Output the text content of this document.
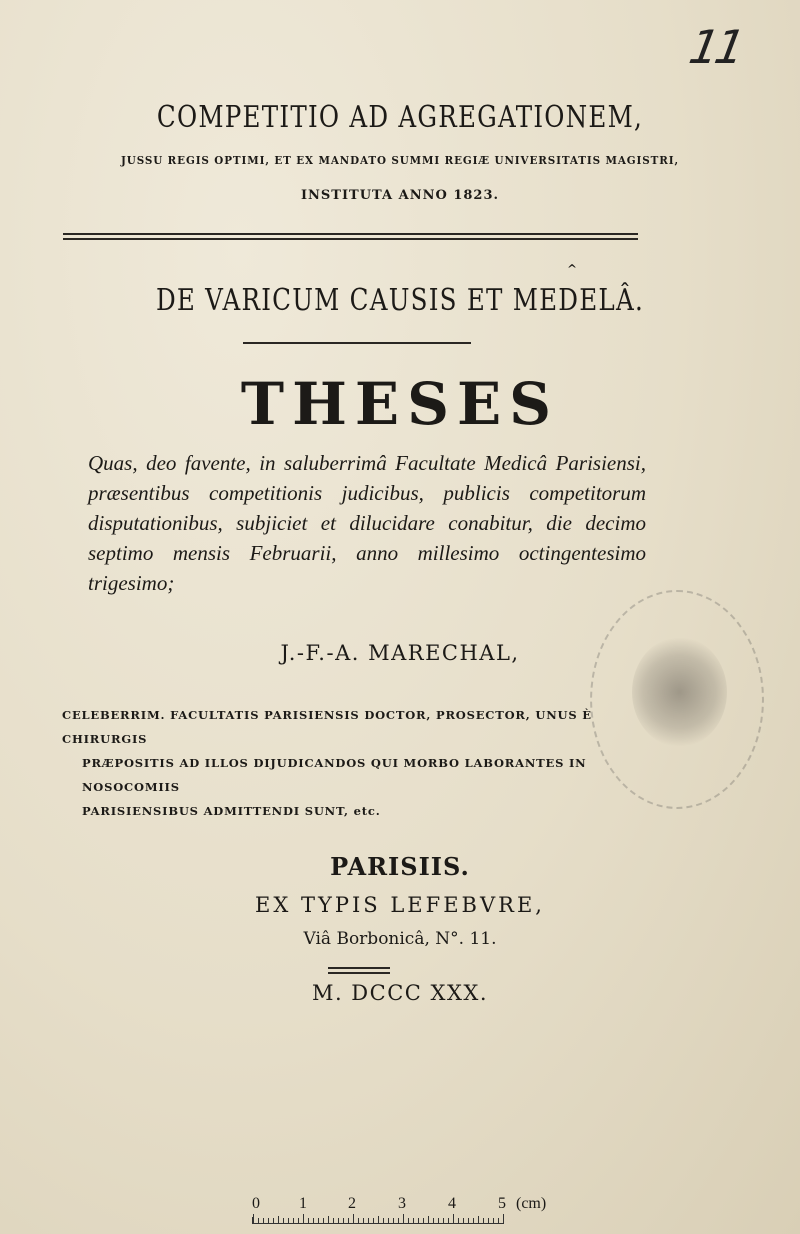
11
COMPETITIO AD AGREGATIONEM,
JUSSU REGIS OPTIMI, ET EX MANDATO SUMMI REGIÆ UNIVERSITATIS MAGISTRI,
INSTITUTA ANNO 1823.
^
DE VARICUM CAUSIS ET MEDELÂ.
THESES
Quas, deo favente, in saluberrimâ Facultate Medicâ Parisiensi, præsentibus competitionis judicibus, publicis competitorum disputationibus, subjiciet et dilucidare conabitur, die decimo septimo mensis Februarii, anno millesimo octingentesimo trigesimo;
J.-F.-A. MARECHAL,
CELEBERRIM. FACULTATIS PARISIENSIS DOCTOR, PROSECTOR, UNUS È CHIRURGIS
PRÆPOSITIS AD ILLOS DIJUDICANDOS QUI MORBO LABORANTES IN NOSOCOMIIS
PARISIENSIBUS ADMITTENDI SUNT, etc.
PARISIIS.
EX TYPIS LEFEBVRE,
Viâ Borbonicâ, N°. 11.
M. DCCC XXX.
0 1	2	3	4	5 (cm)
